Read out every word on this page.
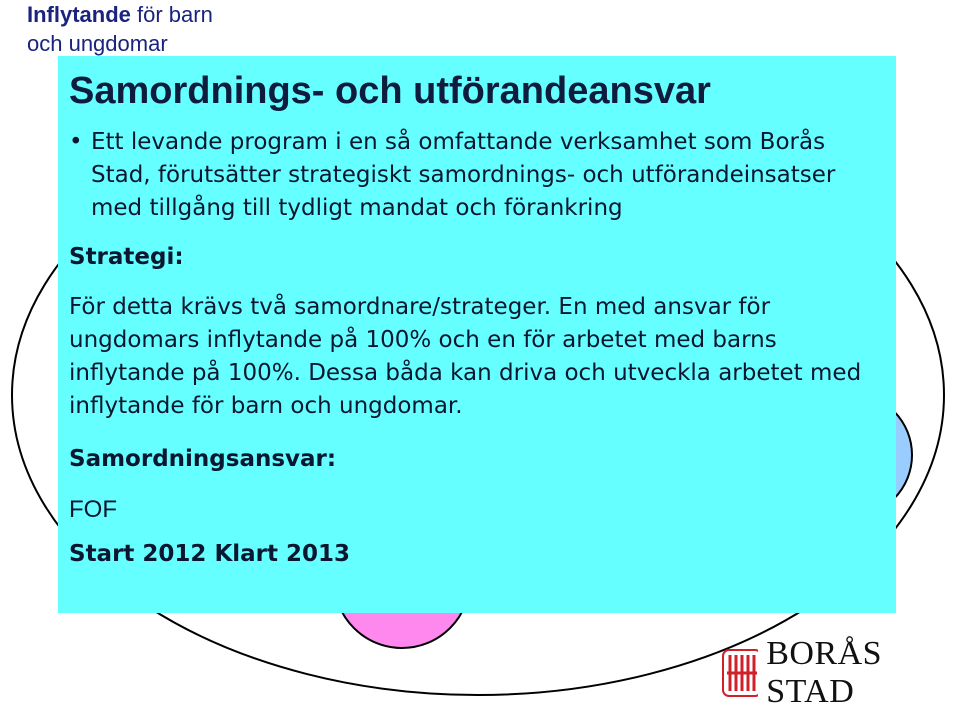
Inflytande för barn
och ungdomar
Samordnings- och utförandeansvar
• Ett levande program i en så omfattande verksamhet som Borås Stad, förutsätter strategiskt samordnings- och utförandeinsatser med tillgång till tydligt mandat och förankring
Strategi:
För detta krävs två samordnare/strateger. En med ansvar för ungdomars inflytande på 100% och en för arbetet med barns inflytande på 100%. Dessa båda kan driva och utveckla arbetet med inflytande för barn och ungdomar.
Samordningsansvar:
FOF
Start 2012 Klart 2013
BORÅS STAD
